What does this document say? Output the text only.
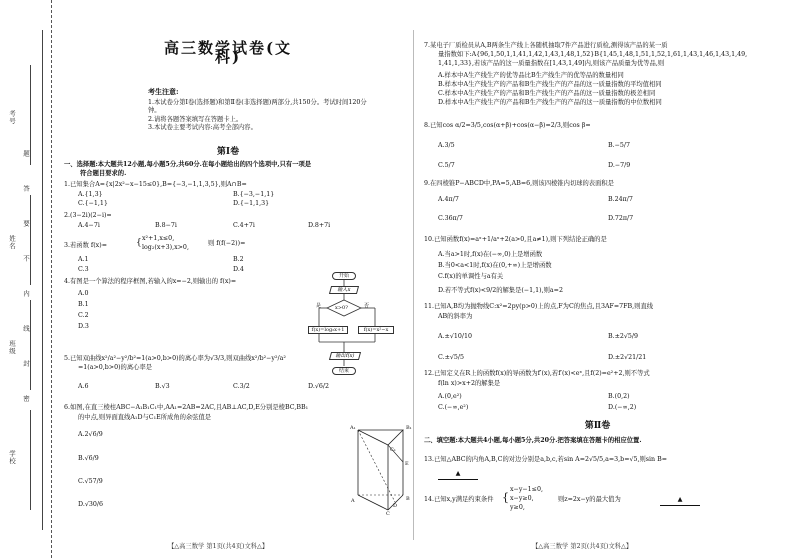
考号
姓名
班级
学校
密
封
线
内
不
要
答
题
高三数学试卷(文科)
考生注意:
1.本试卷分第Ⅰ卷(选择题)和第Ⅱ卷(非选择题)两部分,共150分。考试时间120分钟。
2.请将各题答案填写在答题卡上。
3.本试卷主要考试内容:高考全部内容。
第Ⅰ卷
一、选择题:本大题共12小题,每小题5分,共60分.在每小题给出的四个选项中,只有一项是
符合题目要求的.
1.已知集合A={x|2x²−x−15≤0},B={−3,−1,1,3,5},则A∩B=
A.{1,3}	B.{−3,−1,1}
C.{−1,1}	D.{−1,1,3}
2.(3−2i)(2−i)=
A.4−7i	B.8−7i	C.4+7i	D.8+7i
3.若函数 f(x)=	{ x²+1,x≤0,
log₂(x+3),x>0,
则 f(f(−2))=
A.1	B.2
C.3	D.4
4.有图是一个算法的程序框图,若输入的x=−2,则输出的 f(x)=
A.0
B.1
C.2
D.3
开始
输入x
x>0?
是	否
f(x)=log₂x+1	f(x)=x²−x
输出f(x)
结束
5.已知双曲线x²/a²−y²/b²=1(a>0,b>0)的离心率为√3/3,则双曲线x²/b²−y²/a²
=1(a>0,b>0)的离心率是
A.6	B.√3	C.3/2	D.√6/2
6.如图,在直三棱柱ABC−A₁B₁C₁中,AA₁=2AB=2AC,且AB⊥AC,D,E分别是棱BC,BB₁
的中点,则异面直线A₁D与C₁E所成角的余弦值是
A.2√6/9
B.√6/9
C.√57/9
D.√30/6
A₁	B₁
C₁
A	B
C
D
E
【△高三数学 第1页(共4页)文科△】
7.某电子厂质检员从A,B两条生产线上各随机抽取7件产品进行质检,测得该产品的某一质
量指数如下:A{96,1,50,1,1,41,1,42,1,43,1,48,1,52}B{1,45,1,48,1,51,1,52,1,61,1,43,1,46,1,43,1,49,
1,41,1,33},若该产品的这一质量指数在[1,43,1,49]内,则该产品质量为优等品,则
A.样本中A生产线生产的优等品比B生产线生产的优等品的数量相同
B.样本中A生产线生产的产品和B生产线生产的产品的这一质量指数的平均值相同
C.样本中A生产线生产的产品和B生产线生产的产品的这一质量指数的极差相同
D.样本中A生产线生产的产品和B生产线生产的产品的这一质量指数的中位数相同
8.已知cos α/2=3/5,cos(α+β)+cos(α−β)=2/3,则cos β=
A.3/5	B.−5/7
C.5/7	D.−7/9
9.在四棱锥P−ABCD中,PA=5,AB=6,则该四棱锥内切球的表面积是
A.4π/7	B.24π/7
C.36π/7	D.72π/7
10.已知函数f(x)=aˣ+1/aˣ+2(a>0,且a≠1),则下列结论正确的是
A.当a>1时,f(x)在(−∞,0)上是增函数
B.当0<a<1时,f(x)在(0,+∞)上是增函数
C.f(x)的单调性与a有关
D.若不等式f(x)<9/2的解集是(−1,1),则a=2
11.已知A,B均为抛物线C:x²=2py(p>0)上的点,F为C的焦点,且3AF=7FB,则直线
AB的斜率为
A.±√10/10	B.±2√5/9
C.±√5/5	D.±2√21/21
12.已知定义在R上的函数f(x)的导函数为f′(x),若f′(x)<eˣ,且f(2)=e²+2,则不等式
f(ln x)>x+2的解集是
A.(0,e²)	B.(0,2)
C.(−∞,e²)	D.(−∞,2)
第Ⅱ卷
二、填空题:本大题共4小题,每小题5分,共20分.把答案填在答题卡的相应位置.
13.已知△ABC的内角A,B,C的对边分别是a,b,c,若sin A=2√5/5,a=3,b=√5,则sin B=
▲
14.已知x,y满足约束条件 {
x−y−1≤0,
x−y≥0,
y≥0,
则z=2x−y的最大值为	▲
【△高三数学 第2页(共4页)文科△】
